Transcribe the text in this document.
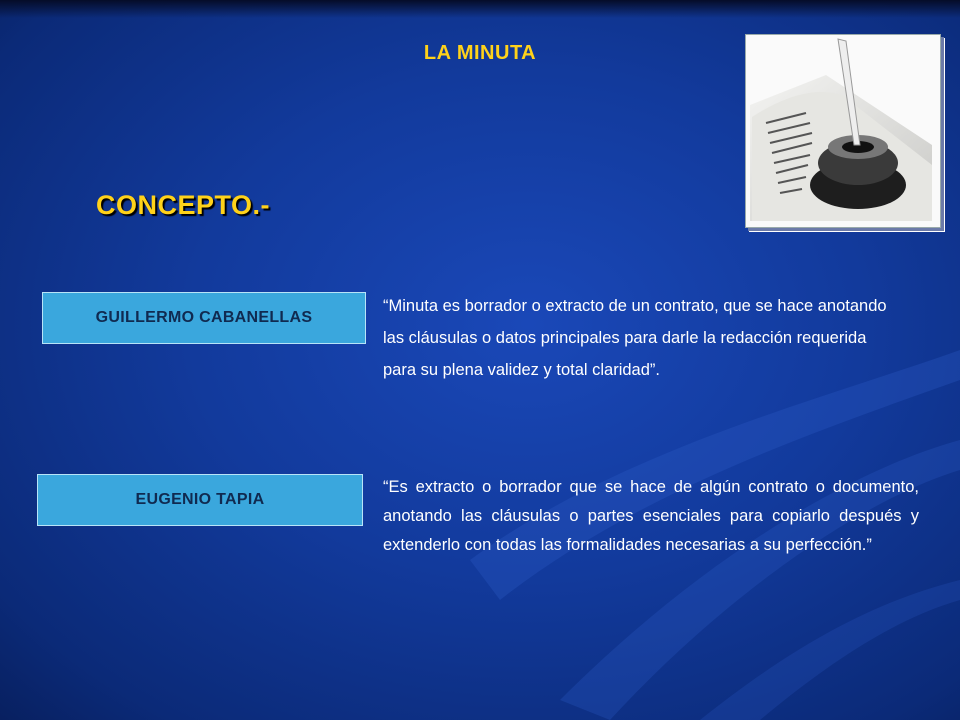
LA MINUTA
CONCEPTO.-
GUILLERMO CABANELLAS
“Minuta es borrador o extracto de un contrato, que se hace anotando las cláusulas o datos principales para darle la redacción requerida para su plena validez y total claridad”.
EUGENIO TAPIA
“Es extracto o borrador que se hace de algún contrato o documento, anotando las cláusulas o partes esenciales para copiarlo después y extenderlo con todas las formalidades necesarias a su perfección.”
